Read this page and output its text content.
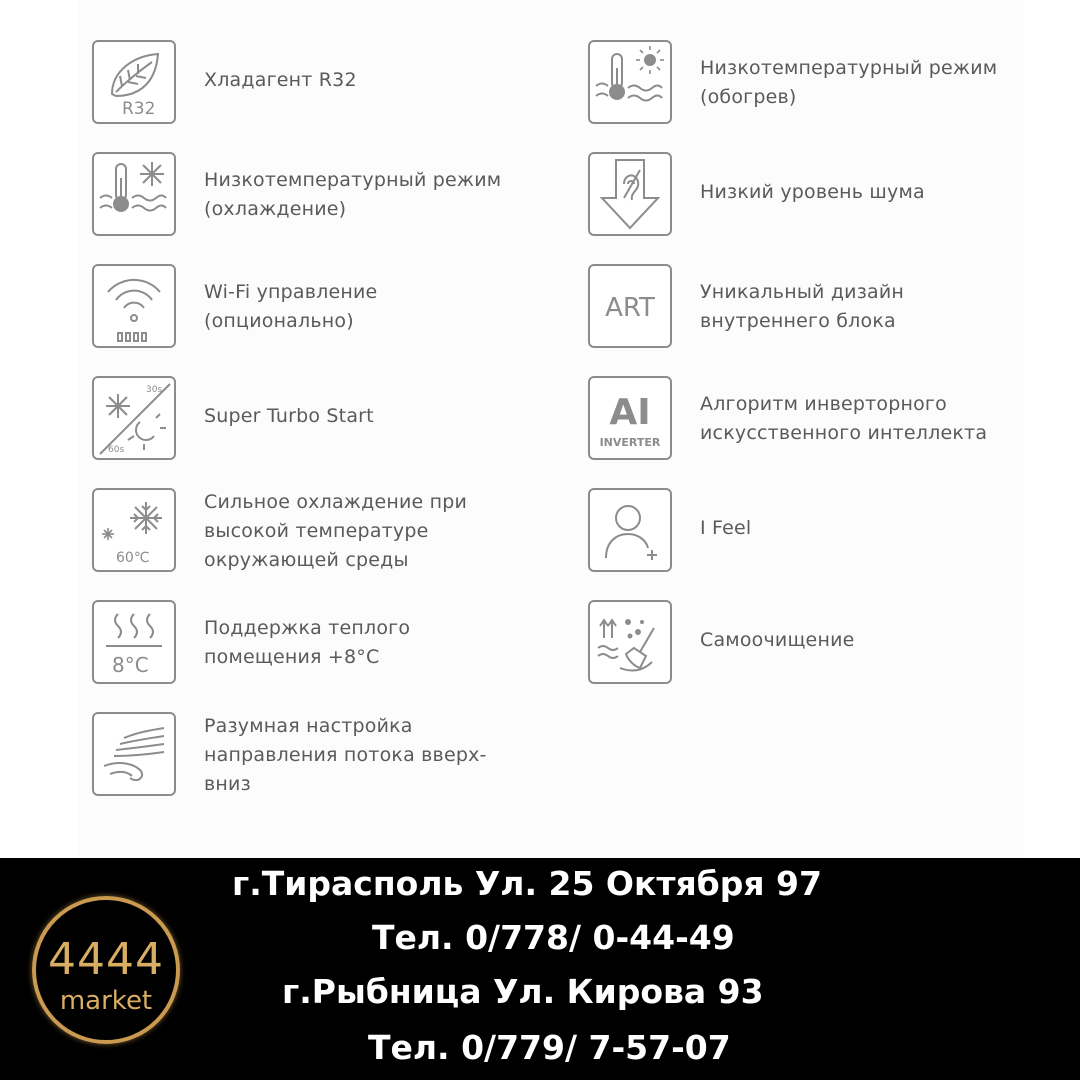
R32
Хладагент R32
Низкотемпературный режим
(охлаждение)
Wi-Fi управление
(опционально)
30s
60s
Super Turbo Start
60℃
Сильное охлаждение при
высокой температуре
окружающей среды
8°C
Поддержка теплого
помещения +8°С
Разумная настройка
направления потока вверх-
вниз
Низкотемпературный режим
(обогрев)
Низкий уровень шума
ART
Уникальный дизайн
внутреннего блока
AI
INVERTER
Алгоритм инверторного
искусственного интеллекта
I Feel
Самоочищение
4444
market
г.Тирасполь Ул. 25 Октября 97
Тел. 0/778/ 0-44-49
г.Рыбница Ул. Кирова 93
Тел. 0/779/ 7-57-07
